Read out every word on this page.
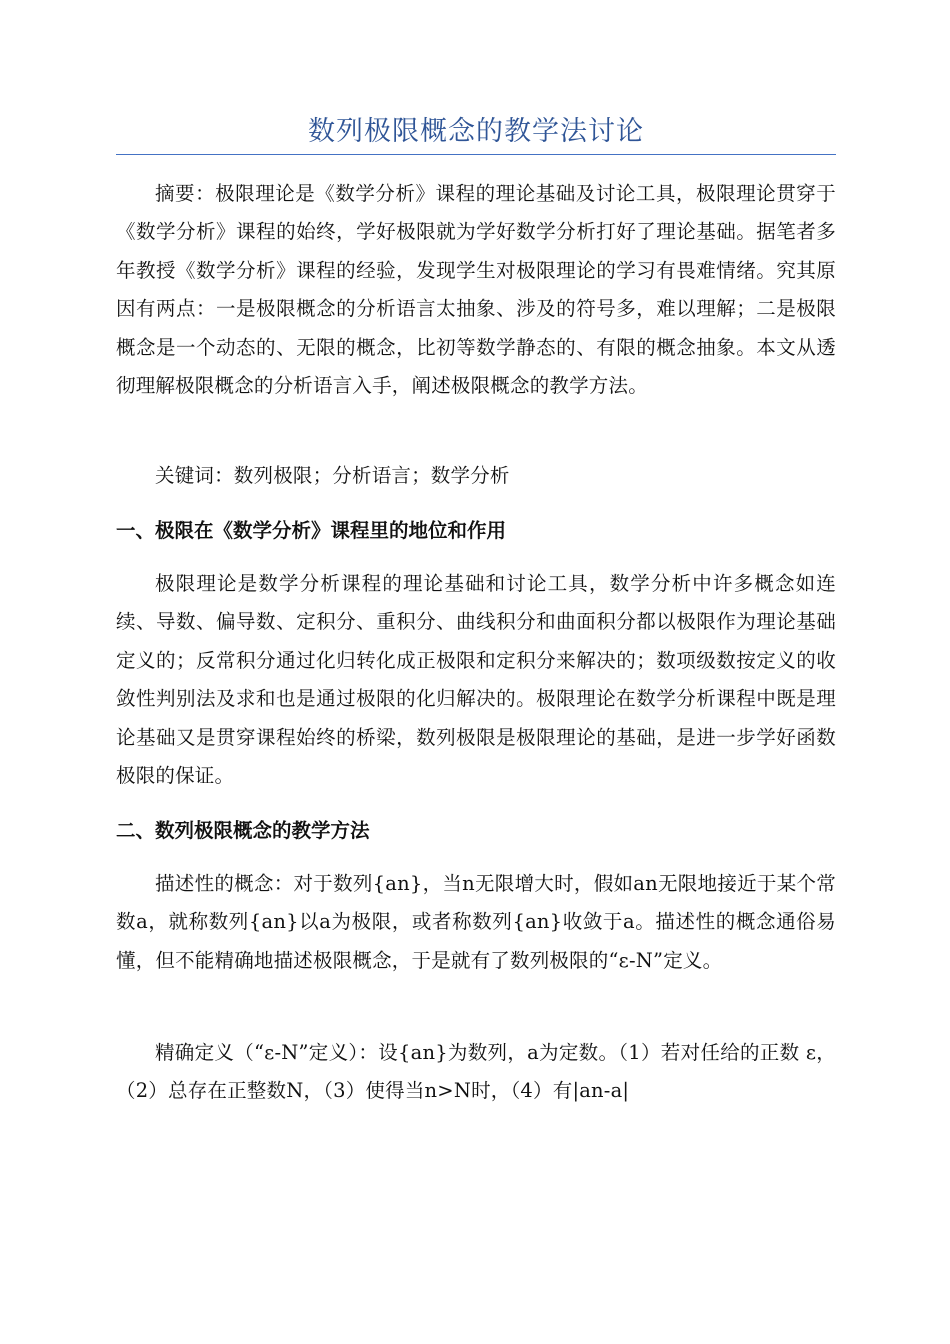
数列极限概念的教学法讨论

摘要：极限理论是《数学分析》课程的理论基础及讨论工具，极限理论贯穿于《数学分析》课程的始终，学好极限就为学好数学分析打好了理论基础。据笔者多年教授《数学分析》课程的经验，发现学生对极限理论的学习有畏难情绪。究其原因有两点：一是极限概念的分析语言太抽象、涉及的符号多，难以理解；二是极限概念是一个动态的、无限的概念，比初等数学静态的、有限的概念抽象。本文从透彻理解极限概念的分析语言入手，阐述极限概念的教学方法。

关键词：数列极限；分析语言；数学分析

一、极限在《数学分析》课程里的地位和作用

极限理论是数学分析课程的理论基础和讨论工具，数学分析中许多概念如连续、导数、偏导数、定积分、重积分、曲线积分和曲面积分都以极限作为理论基础定义的；反常积分通过化归转化成正极限和定积分来解决的；数项级数按定义的收敛性判别法及求和也是通过极限的化归解决的。极限理论在数学分析课程中既是理论基础又是贯穿课程始终的桥梁，数列极限是极限理论的基础，是进一步学好函数极限的保证。

二、数列极限概念的教学方法

描述性的概念：对于数列{an}，当n无限增大时，假如an无限地接近于某个常数a，就称数列{an}以a为极限，或者称数列{an}收敛于a。描述性的概念通俗易懂，但不能精确地描述极限概念，于是就有了数列极限的“ε-N”定义。

精确定义（“ε-N”定义）：设{an}为数列，a为定数。（1）若对任给的正数 ε，（2）总存在正整数N，（3）使得当n>N时，（4）有|an-a|
